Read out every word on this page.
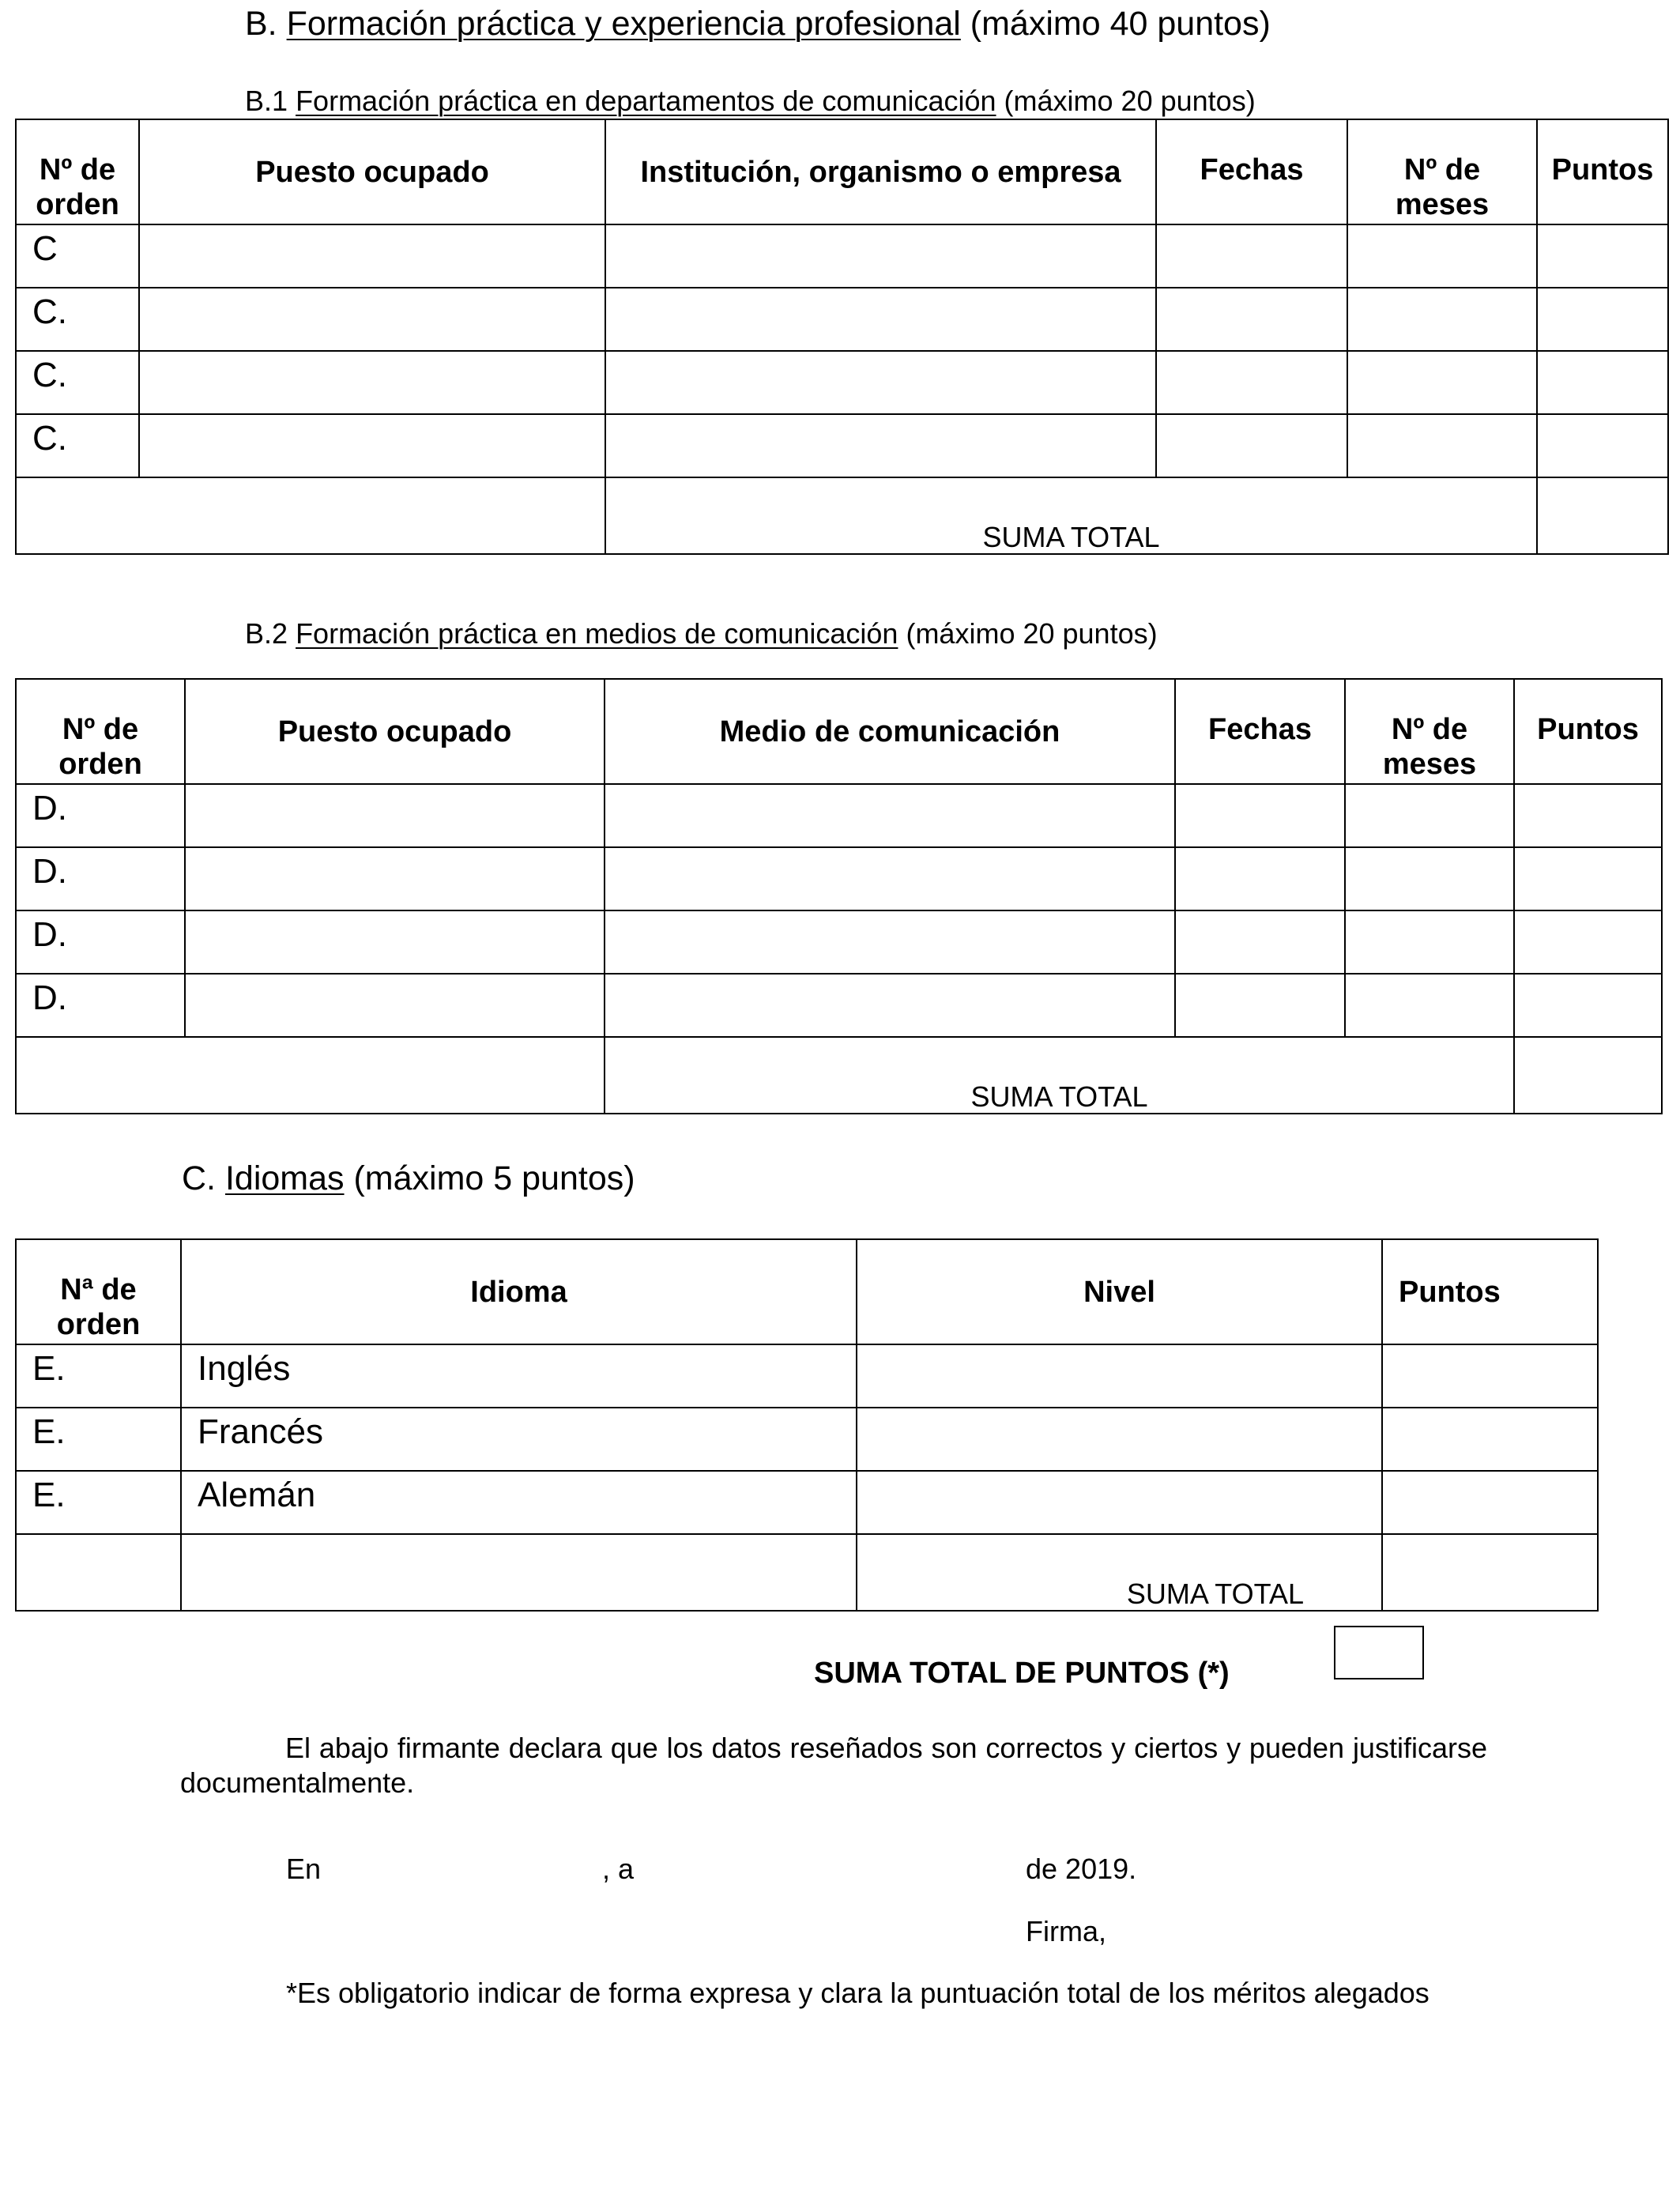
B. Formación práctica y experiencia profesional (máximo 40 puntos)
B.1 Formación práctica en departamentos de comunicación (máximo 20 puntos)
Nº de orden	Puesto ocupado	Institución, organismo o empresa	Fechas	Nº de meses	Puntos
C					
C.					
C.					
C.					
		SUMA TOTAL			
B.2 Formación práctica en medios de comunicación (máximo 20 puntos)
Nº de orden	Puesto ocupado	Medio de comunicación	Fechas	Nº de meses	Puntos
D.					
D.					
D.					
D.					
		SUMA TOTAL			
C. Idiomas (máximo 5 puntos)
Nª de orden	Idioma	Nivel	Puntos
E.	Inglés		
E.	Francés		
E.	Alemán		
		SUMA TOTAL	
SUMA TOTAL DE PUNTOS (*)
El abajo firmante declara que los datos reseñados son correctos y ciertos y pueden justificarse documentalmente.
En	, a	de 2019.
Firma,
*Es obligatorio indicar de forma expresa y clara la puntuación total de los méritos alegados
